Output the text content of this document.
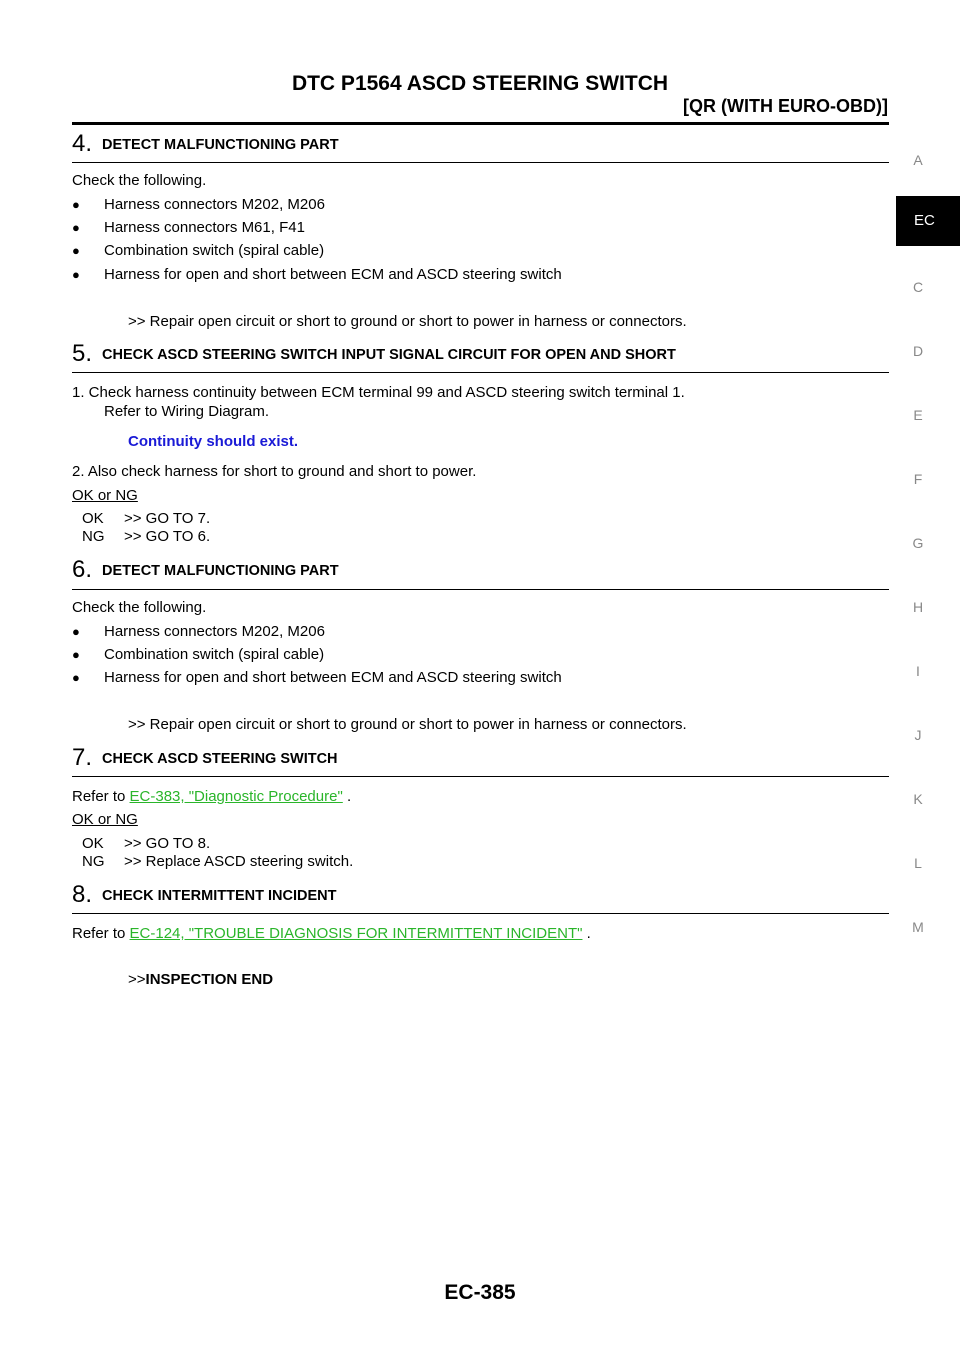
DTC P1564 ASCD STEERING SWITCH
[QR (WITH EURO-OBD)]
A
EC
C
D
E
F
G
H
I
J
K
L
M
4. DETECT MALFUNCTIONING PART
Check the following.
● Harness connectors M202, M206
● Harness connectors M61, F41
● Combination switch (spiral cable)
● Harness for open and short between ECM and ASCD steering switch
>> Repair open circuit or short to ground or short to power in harness or connectors.
5. CHECK ASCD STEERING SWITCH INPUT SIGNAL CIRCUIT FOR OPEN AND SHORT
1. Check harness continuity between ECM terminal 99 and ASCD steering switch terminal 1.
Refer to Wiring Diagram.
Continuity should exist.
2. Also check harness for short to ground and short to power.
OK or NG
OK >> GO TO 7.
NG >> GO TO 6.
6. DETECT MALFUNCTIONING PART
Check the following.
● Harness connectors M202, M206
● Combination switch (spiral cable)
● Harness for open and short between ECM and ASCD steering switch
>> Repair open circuit or short to ground or short to power in harness or connectors.
7. CHECK ASCD STEERING SWITCH
Refer to EC-383, "Diagnostic Procedure" .
OK or NG
OK >> GO TO 8.
NG >> Replace ASCD steering switch.
8. CHECK INTERMITTENT INCIDENT
Refer to EC-124, "TROUBLE DIAGNOSIS FOR INTERMITTENT INCIDENT" .
>>INSPECTION END
EC-385
